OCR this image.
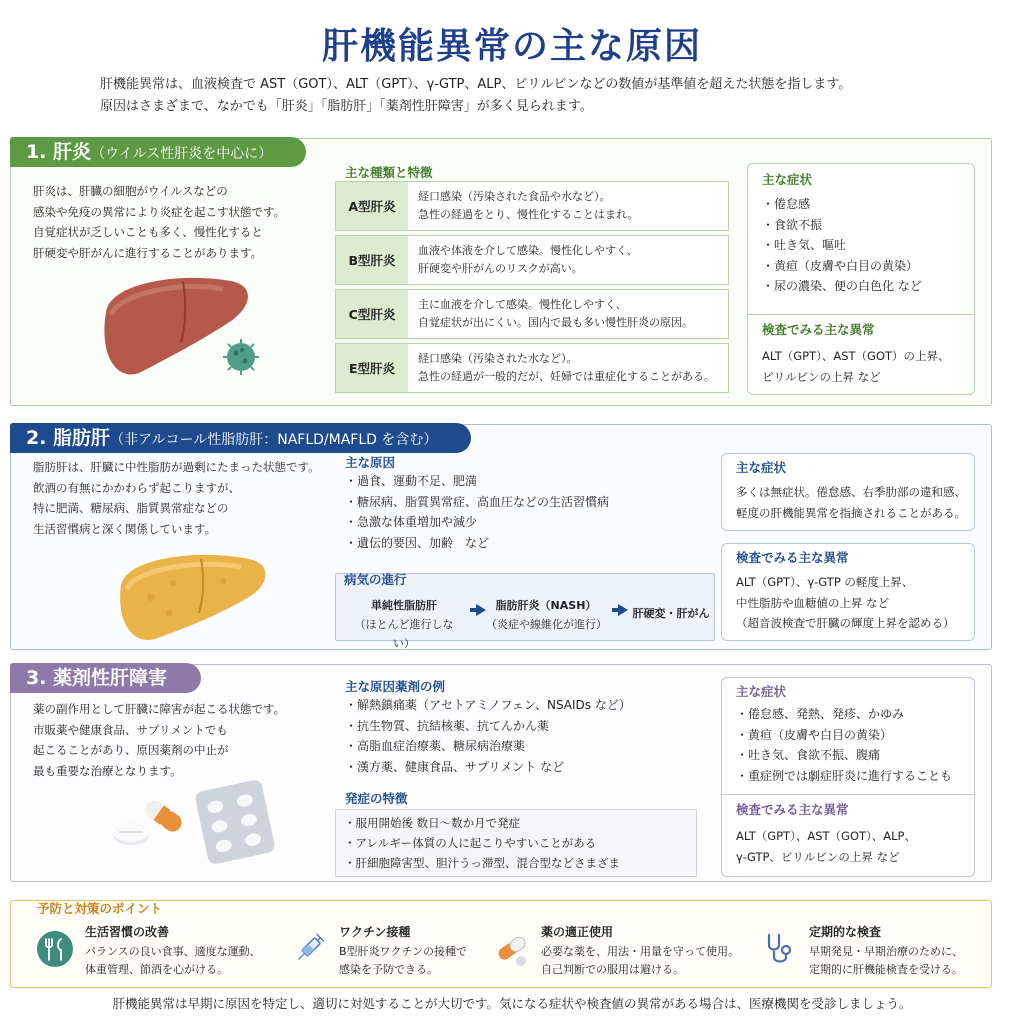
肝機能異常の主な原因
肝機能異常は、血液検査で AST（GOT）、ALT（GPT）、γ-GTP、ALP、ビリルビンなどの数値が基準値を超えた状態を指します。
原因はさまざまで、なかでも「肝炎」「脂肪肝」「薬剤性肝障害」が多く見られます。
1. 肝炎（ウイルス性肝炎を中心に）
肝炎は、肝臓の細胞がウイルスなどの
感染や免疫の異常により炎症を起こす状態です。
自覚症状が乏しいことも多く、慢性化すると
肝硬変や肝がんに進行することがあります。
主な種類と特徴
A型肝炎
経口感染（汚染された食品や水など）。
急性の経過をとり、慢性化することはまれ。
B型肝炎
血液や体液を介して感染。慢性化しやすく、
肝硬変や肝がんのリスクが高い。
C型肝炎
主に血液を介して感染。慢性化しやすく、
自覚症状が出にくい。国内で最も多い慢性肝炎の原因。
E型肝炎
経口感染（汚染された水など）。
急性の経過が一般的だが、妊婦では重症化することがある。
主な症状
・ 倦怠感
・ 食欲不振
・ 吐き気、嘔吐
・ 黄疸（皮膚や白目の黄染）
・ 尿の濃染、便の白色化 など
検査でみる主な異常
ALT（GPT）、AST（GOT）の上昇、
ビリルビンの上昇 など
2. 脂肪肝（非アルコール性脂肪肝：NAFLD/MAFLD を含む）
脂肪肝は、肝臓に中性脂肪が過剰にたまった状態です。
飲酒の有無にかかわらず起こりますが、
特に肥満、糖尿病、脂質異常症などの
生活習慣病と深く関係しています。
主な原因
・ 過食、運動不足、肥満
・ 糖尿病、脂質異常症、高血圧などの生活習慣病
・ 急激な体重増加や減少
・ 遺伝的要因、加齢　など
病気の進行
単純性脂肪肝
（ほとんど進行しない）
脂肪肝炎（NASH）
（炎症や線維化が進行）
肝硬変・肝がん
主な症状
多くは無症状。倦怠感、右季肋部の違和感、
軽度の肝機能異常を指摘されることがある。
検査でみる主な異常
ALT（GPT）、γ-GTP の軽度上昇、
中性脂肪や血糖値の上昇 など
（超音波検査で肝臓の輝度上昇を認める）
3. 薬剤性肝障害
薬の副作用として肝臓に障害が起こる状態です。
市販薬や健康食品、サプリメントでも
起こることがあり、原因薬剤の中止が
最も重要な治療となります。
主な原因薬剤の例
・ 解熱鎮痛薬（アセトアミノフェン、NSAIDs など）
・ 抗生物質、抗結核薬、抗てんかん薬
・ 高脂血症治療薬、糖尿病治療薬
・ 漢方薬、健康食品、サプリメント など
発症の特徴
・ 服用開始後 数日〜数か月で発症
・ アレルギー体質の人に起こりやすいことがある
・ 肝細胞障害型、胆汁うっ滞型、混合型などさまざま
主な症状
・ 倦怠感、発熱、発疹、かゆみ
・ 黄疸（皮膚や白目の黄染）
・ 吐き気、食欲不振、腹痛
・ 重症例では劇症肝炎に進行することも
検査でみる主な異常
ALT（GPT）、AST（GOT）、ALP、
γ-GTP、ビリルビンの上昇 など
予防と対策のポイント
生活習慣の改善
バランスの良い食事、適度な運動、
体重管理、節酒を心がける。
ワクチン接種
B型肝炎ワクチンの接種で
感染を予防できる。
薬の適正使用
必要な薬を、用法・用量を守って使用。
自己判断での服用は避ける。
定期的な検査
早期発見・早期治療のために、
定期的に肝機能検査を受ける。
肝機能異常は早期に原因を特定し、適切に対処することが大切です。気になる症状や検査値の異常がある場合は、医療機関を受診しましょう。
